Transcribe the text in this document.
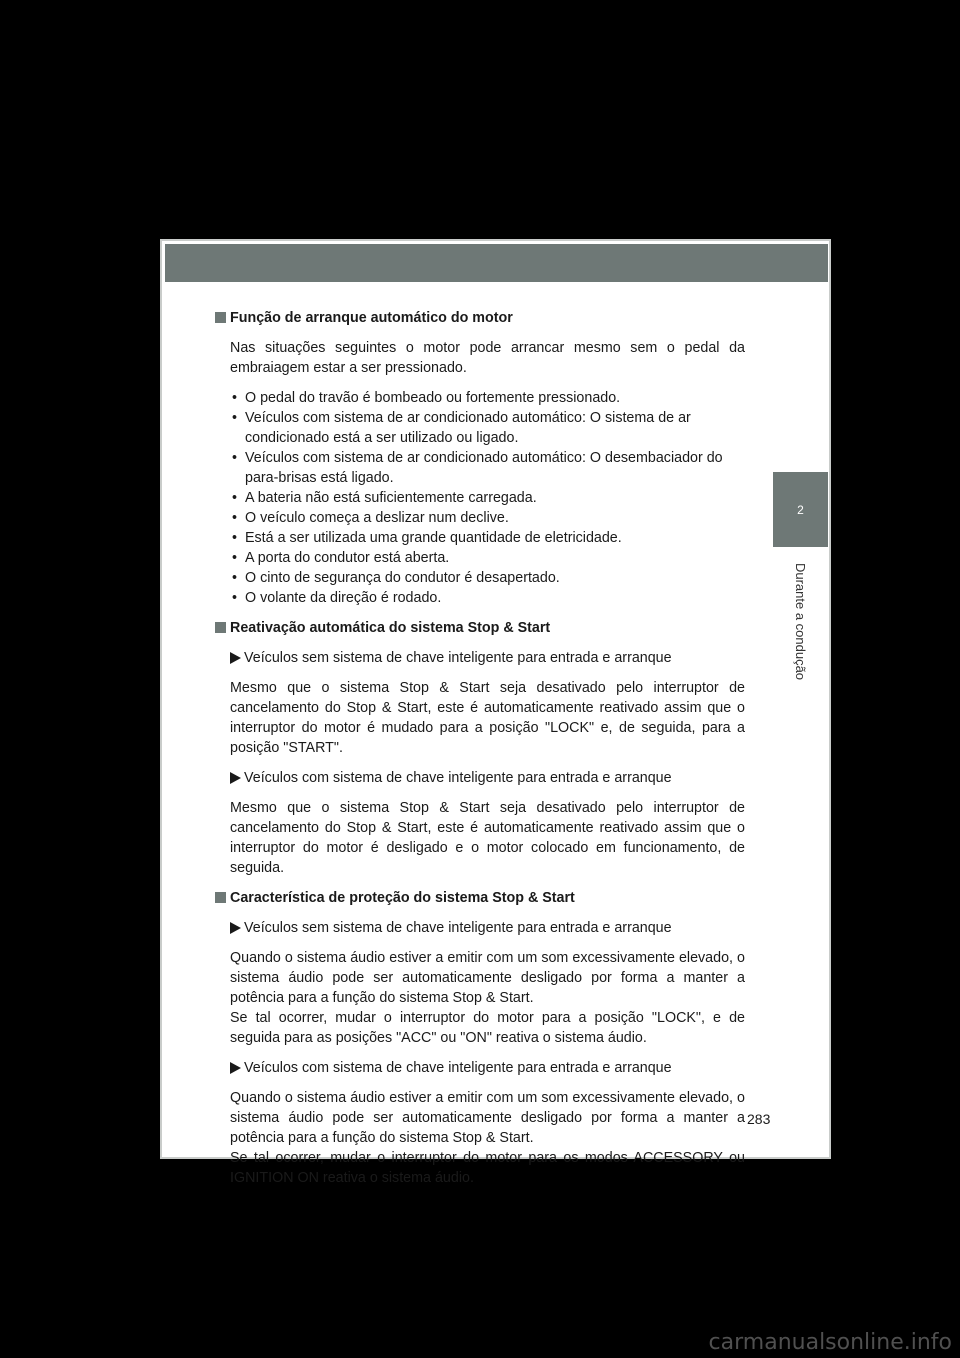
2
Durante a condução
Função de arranque automático do motor

Nas situações seguintes o motor pode arrancar mesmo sem o pedal da embraiagem estar a ser pressionado.

• O pedal do travão é bombeado ou fortemente pressionado.
• Veículos com sistema de ar condicionado automático: O sistema de ar condicionado está a ser utilizado ou ligado.
• Veículos com sistema de ar condicionado automático: O desembaciador do para-brisas está ligado.
• A bateria não está suficientemente carregada.
• O veículo começa a deslizar num declive.
• Está a ser utilizada uma grande quantidade de eletricidade.
• A porta do condutor está aberta.
• O cinto de segurança do condutor é desapertado.
• O volante da direção é rodado.
Reativação automática do sistema Stop & Start
Veículos sem sistema de chave inteligente para entrada e arranque

Mesmo que o sistema Stop & Start seja desativado pelo interruptor de cancelamento do Stop & Start, este é automaticamente reativado assim que o interruptor do motor é mudado para a posição "LOCK" e, de seguida, para a posição "START".

Veículos com sistema de chave inteligente para entrada e arranque

Mesmo que o sistema Stop & Start seja desativado pelo interruptor de cancelamento do Stop & Start, este é automaticamente reativado assim que o interruptor do motor é desligado e o motor colocado em funcionamento, de seguida.

Característica de proteção do sistema Stop & Start
Veículos sem sistema de chave inteligente para entrada e arranque

Quando o sistema áudio estiver a emitir com um som excessivamente elevado, o sistema áudio pode ser automaticamente desligado por forma a manter a potência para a função do sistema Stop & Start.

Se tal ocorrer, mudar o interruptor do motor para a posição "LOCK", e de seguida para as posições "ACC" ou "ON" reativa o sistema áudio.

Veículos com sistema de chave inteligente para entrada e arranque

Quando o sistema áudio estiver a emitir com um som excessivamente elevado, o sistema áudio pode ser automaticamente desligado por forma a manter a potência para a função do sistema Stop & Start.

Se tal ocorrer, mudar o interruptor do motor para os modos ACCESSORY ou IGNITION ON reativa o sistema áudio.

283
carmanualsonline.info
